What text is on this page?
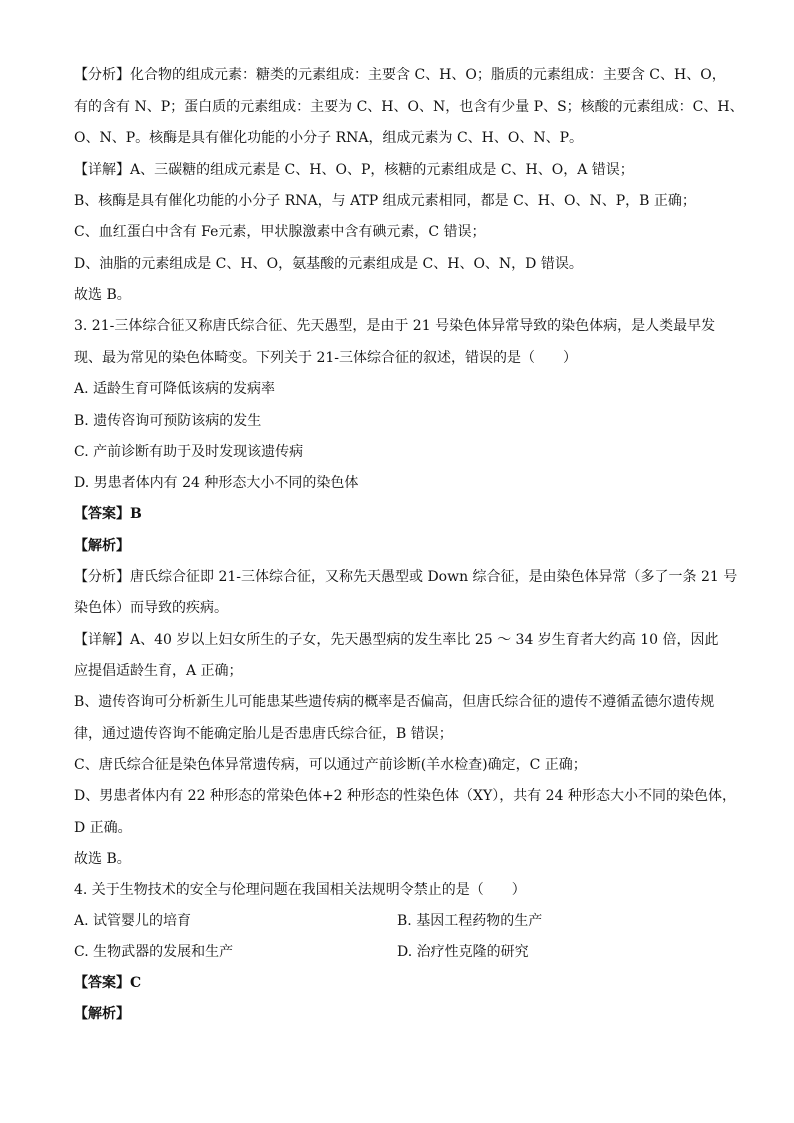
【分析】化合物的组成元素：糖类的元素组成：主要含 C、H、O；脂质的元素组成：主要含 C、H、O，
有的含有 N、P；蛋白质的元素组成：主要为 C、H、O、N，也含有少量 P、S；核酸的元素组成：C、H、
O、N、P。核酶是具有催化功能的小分子 RNA，组成元素为 C、H、O、N、P。
【详解】A、三碳糖的组成元素是 C、H、O、P，核糖的元素组成是 C、H、O，A 错误；
B、核酶是具有催化功能的小分子 RNA，与 ATP 组成元素相同，都是 C、H、O、N、P，B 正确；
C、血红蛋白中含有 Fe元素，甲状腺激素中含有碘元素，C 错误；
D、油脂的元素组成是 C、H、O，氨基酸的元素组成是 C、H、O、N，D 错误。
故选 B。
3. 21-三体综合征又称唐氏综合征、先天愚型，是由于 21 号染色体异常导致的染色体病，是人类最早发
现、最为常见的染色体畸变。下列关于 21-三体综合征的叙述，错误的是（　　）
A. 适龄生育可降低该病的发病率
B. 遗传咨询可预防该病的发生
C. 产前诊断有助于及时发现该遗传病
D. 男患者体内有 24 种形态大小不同的染色体
【答案】B
【解析】
【分析】唐氏综合征即 21-三体综合征，又称先天愚型或 Down 综合征，是由染色体异常（多了一条 21 号
染色体）而导致的疾病。
【详解】A、40 岁以上妇女所生的子女，先天愚型病的发生率比 25 ～ 34 岁生育者大约高 10 倍，因此
应提倡适龄生育，A 正确；
B、遗传咨询可分析新生儿可能患某些遗传病的概率是否偏高，但唐氏综合征的遗传不遵循孟德尔遗传规
律，通过遗传咨询不能确定胎儿是否患唐氏综合征，B 错误；
C、唐氏综合征是染色体异常遗传病，可以通过产前诊断(羊水检查)确定，C 正确；
D、男患者体内有 22 种形态的常染色体+2 种形态的性染色体（XY），共有 24 种形态大小不同的染色体，
D 正确。
故选 B。
4. 关于生物技术的安全与伦理问题在我国相关法规明令禁止的是（　　）
A. 试管婴儿的培育	B. 基因工程药物的生产
C. 生物武器的发展和生产	D. 治疗性克隆的研究
【答案】C
【解析】
